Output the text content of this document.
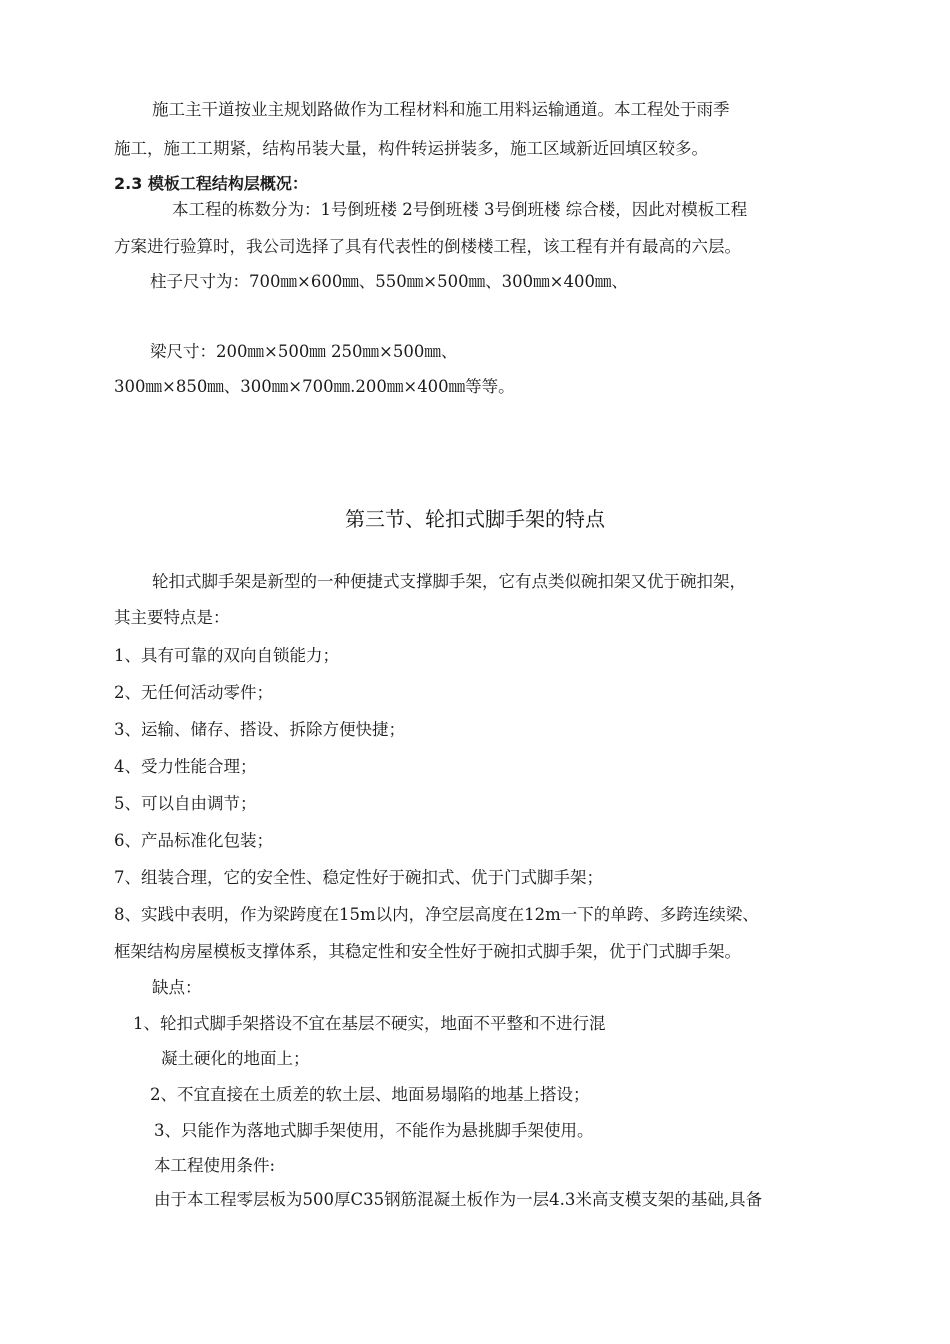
施工主干道按业主规划路做作为工程材料和施工用料运输通道。本工程处于雨季
施工，施工工期紧，结构吊装大量，构件转运拼装多，施工区域新近回填区较多。
2.3 模板工程结构层概况：
本工程的栋数分为：1号倒班楼 2号倒班楼 3号倒班楼 综合楼，因此对模板工程
方案进行验算时，我公司选择了具有代表性的倒楼楼工程，该工程有并有最高的六层。
柱子尺寸为：700㎜×600㎜、550㎜×500㎜、300㎜×400㎜、
梁尺寸：200㎜×500㎜ 250㎜×500㎜、
300㎜×850㎜、300㎜×700㎜.200㎜×400㎜等等。
第三节、轮扣式脚手架的特点
轮扣式脚手架是新型的一种便捷式支撑脚手架，它有点类似碗扣架又优于碗扣架，
其主要特点是：
1、具有可靠的双向自锁能力；
2、无任何活动零件；
3、运输、储存、搭设、拆除方便快捷；
4、受力性能合理；
5、可以自由调节；
6、产品标准化包装；
7、组装合理，它的安全性、稳定性好于碗扣式、优于门式脚手架；
8、实践中表明，作为梁跨度在15m以内，净空层高度在12m一下的单跨、多跨连续梁、
框架结构房屋模板支撑体系，其稳定性和安全性好于碗扣式脚手架，优于门式脚手架。
缺点：
1、轮扣式脚手架搭设不宜在基层不硬实，地面不平整和不进行混
凝土硬化的地面上；
2、不宜直接在土质差的软土层、地面易塌陷的地基上搭设；
3、只能作为落地式脚手架使用，不能作为悬挑脚手架使用。
本工程使用条件:
由于本工程零层板为500厚C35钢筋混凝土板作为一层4.3米高支模支架的基础,具备
